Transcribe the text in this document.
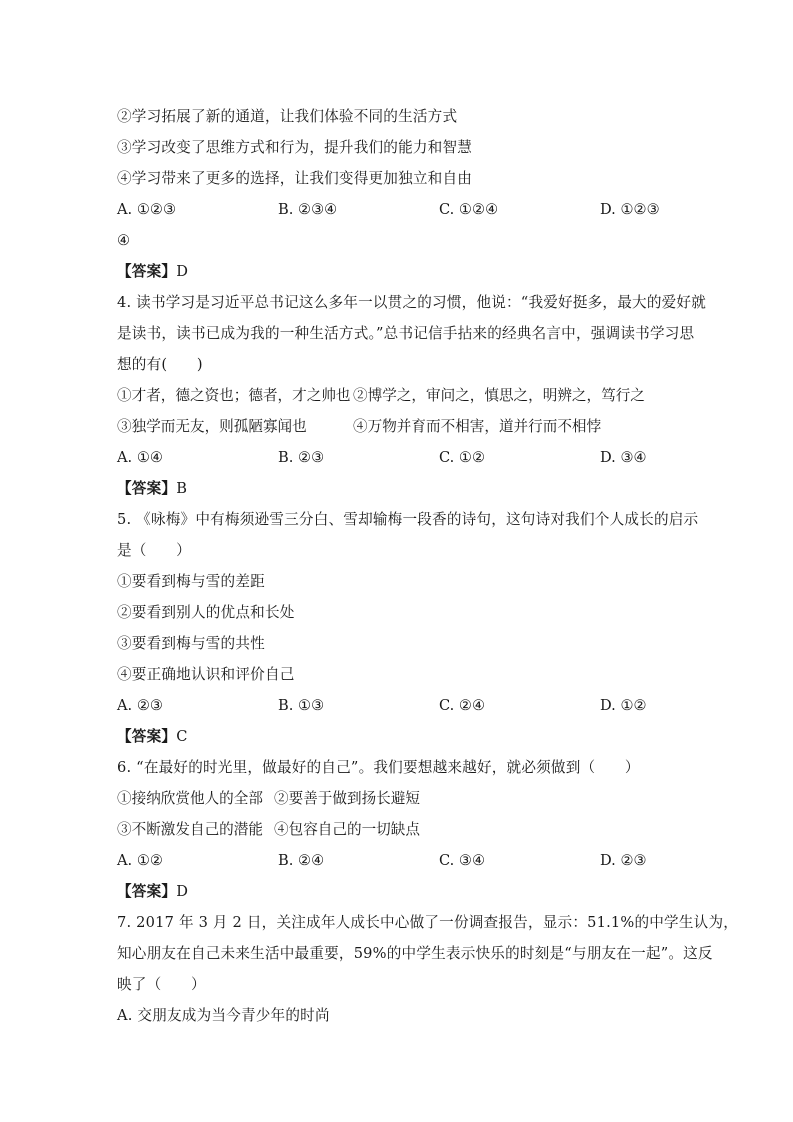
②学习拓展了新的通道，让我们体验不同的生活方式
③学习改变了思维方式和行为，提升我们的能力和智慧
④学习带来了更多的选择，让我们变得更加独立和自由
A. ①②③	B. ②③④	C. ①②④	D. ①②③
④
【答案】D
4. 读书学习是习近平总书记这么多年一以贯之的习惯，他说：“我爱好挺多，最大的爱好就
是读书，读书已成为我的一种生活方式。”总书记信手拈来的经典名言中，强调读书学习思
想的有(　　)
①才者，德之资也；德者，才之帅也 ②博学之，审问之，慎思之，明辨之，笃行之
③独学而无友，则孤陋寡闻也	④万物并育而不相害，道并行而不相悖
A. ①④	B. ②③	C. ①②	D. ③④
【答案】B
5. 《咏梅》中有梅须逊雪三分白、雪却输梅一段香的诗句，这句诗对我们个人成长的启示
是（　　）
①要看到梅与雪的差距
②要看到别人的优点和长处
③要看到梅与雪的共性
④要正确地认识和评价自己
A. ②③	B. ①③	C. ②④	D. ①②
【答案】C
6. “在最好的时光里，做最好的自己”。我们要想越来越好，就必须做到（　　）
①接纳欣赏他人的全部 ②要善于做到扬长避短
③不断激发自己的潜能 ④包容自己的一切缺点
A. ①②	B. ②④	C. ③④	D. ②③
【答案】D
7. 2017 年 3 月 2 日，关注成年人成长中心做了一份调查报告，显示：51.1%的中学生认为，
知心朋友在自己未来生活中最重要，59%的中学生表示快乐的时刻是“与朋友在一起”。这反
映了（　　）
A. 交朋友成为当今青少年的时尚
